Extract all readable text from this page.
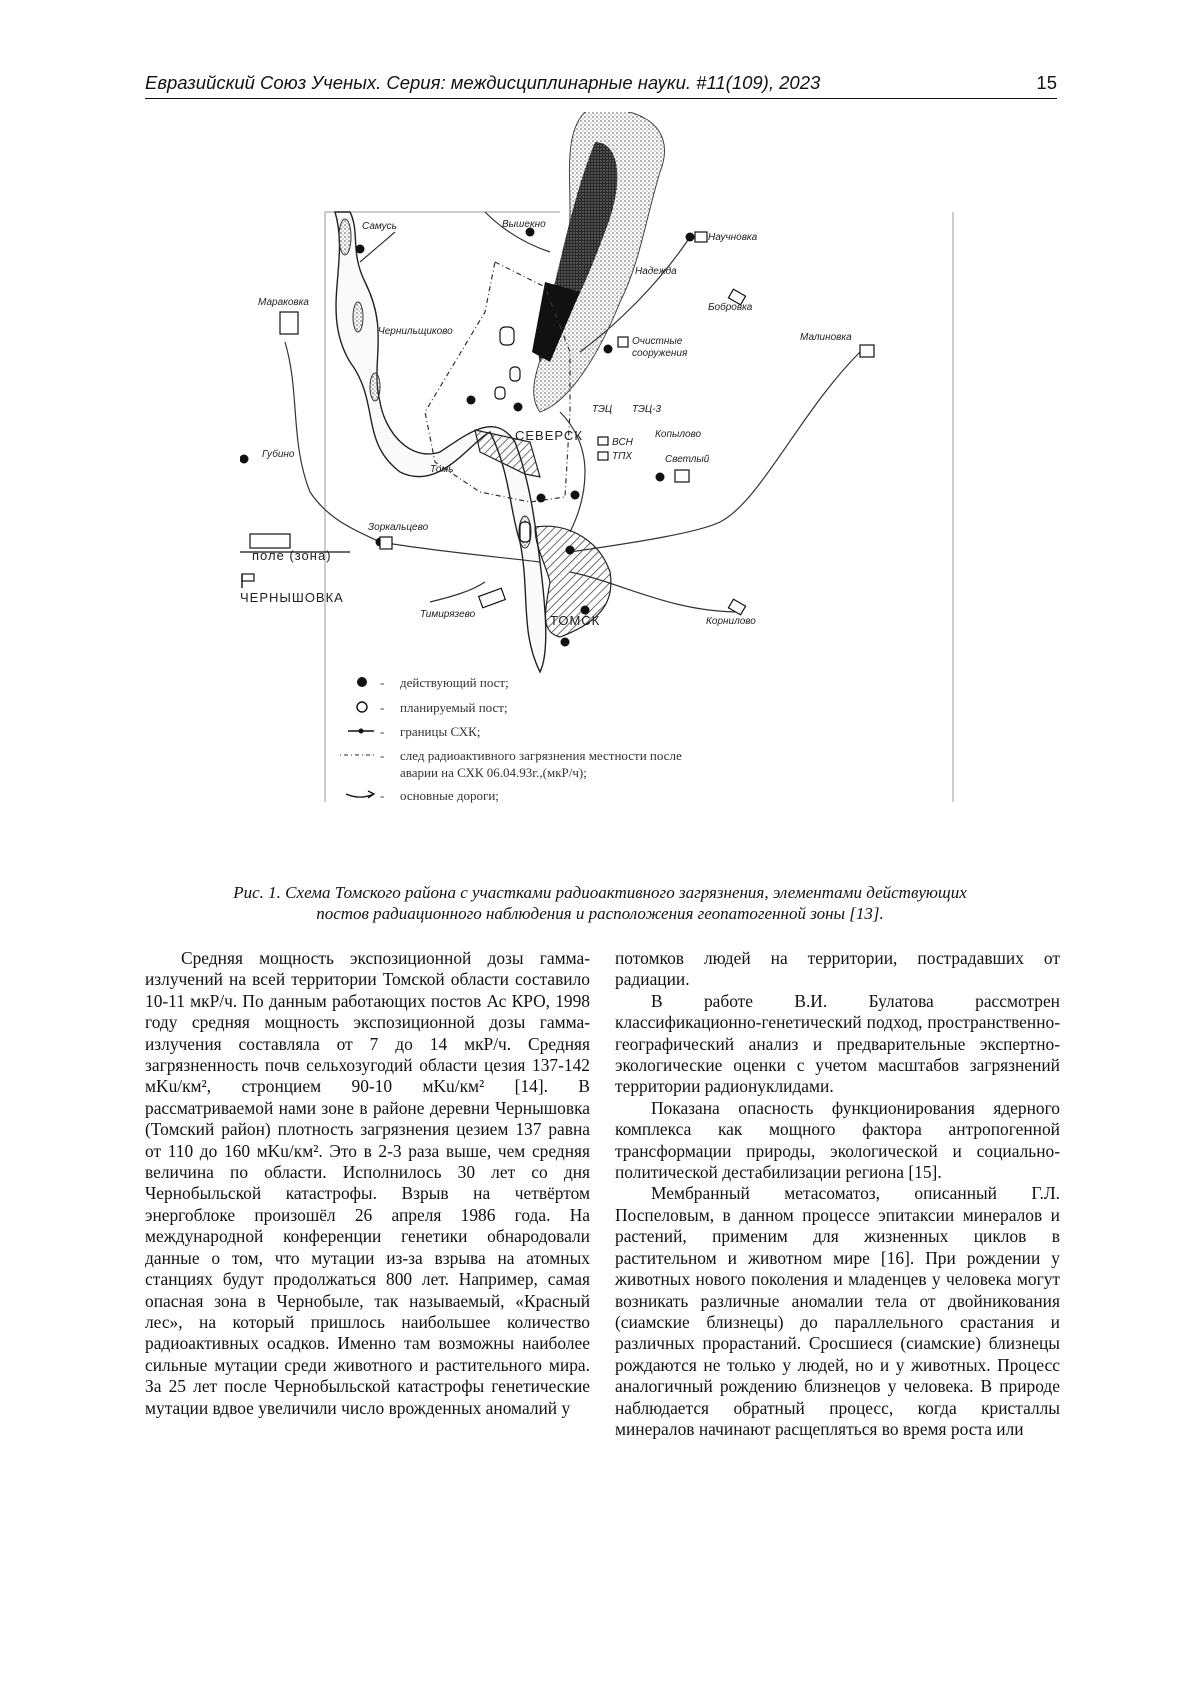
Евразийский Союз Ученых. Серия: междисциплинарные науки. #11(109), 2023	15
Самусь	Вышекно
Научновка
Надежда
Бобровка
Малиновка
Мараковка
Чернильщиково
Очистные
сооружения
Губино
СЕВЕРСК
Томь
ТЭЦ ТЭЦ-3
Копылово
ВСН
ТПХ	Светлый
Зоркальцево
поле (зона)
ЧЕРНЫШОВКА
Тимирязево	ТОМСК	Корнилово
- действующий пост;
- планируемый пост;
- границы СХК;
- след радиоактивного загрязнения местности после
аварии на СХК 06.04.93г.,(мкР/ч);
- основные дороги;
Рис. 1. Схема Томского района с участками радиоактивного загрязнения, элементами действующих
постов радиационного наблюдения и расположения геопатогенной зоны [13].

Средняя мощность экспозиционной дозы гамма-излучений на всей территории Томской области составило 10-11 мкР/ч. По данным работающих постов Ас КРО, 1998 году средняя мощность экспозиционной дозы гамма-излучения составляла от 7 до 14 мкР/ч. Средняя загрязненность почв сельхозугодий области цезия 137-142 мKu/км², стронцием 90-10 мKu/км² [14]. В рассматриваемой нами зоне в районе деревни Чернышовка (Томский район) плотность загрязнения цезием 137 равна от 110 до 160 мKu/км². Это в 2-3 раза выше, чем средняя величина по области. Исполнилось 30 лет со дня Чернобыльской катастрофы. Взрыв на четвёртом энергоблоке произошёл 26 апреля 1986 года. На международной конференции генетики обнародовали данные о том, что мутации из-за взрыва на атомных станциях будут продолжаться 800 лет. Например, самая опасная зона в Чернобыле, так называемый, «Красный лес», на который пришлось наибольшее количество радиоактивных осадков. Именно там возможны наиболее сильные мутации среди животного и растительного мира. За 25 лет после Чернобыльской катастрофы генетические мутации вдвое увеличили число врожденных аномалий у

потомков людей на территории, пострадавших от радиации.

В работе В.И. Булатова рассмотрен классификационно-генетический подход, пространственно-географический анализ и предварительные экспертно-экологические оценки с учетом масштабов загрязнений территории радионуклидами.

Показана опасность функционирования ядерного комплекса как мощного фактора антропогенной трансформации природы, экологической и социально-политической дестабилизации региона [15].

Мембранный метасоматоз, описанный Г.Л. Поспеловым, в данном процессе эпитаксии минералов и растений, применим для жизненных циклов в растительном и животном мире [16]. При рождении у животных нового поколения и младенцев у человека могут возникать различные аномалии тела от двойникования (сиамские близнецы) до параллельного срастания и различных прорастаний. Сросшиеся (сиамские) близнецы рождаются не только у людей, но и у животных. Процесс аналогичный рождению близнецов у человека. В природе наблюдается обратный процесс, когда кристаллы минералов начинают расщепляться во время роста или
